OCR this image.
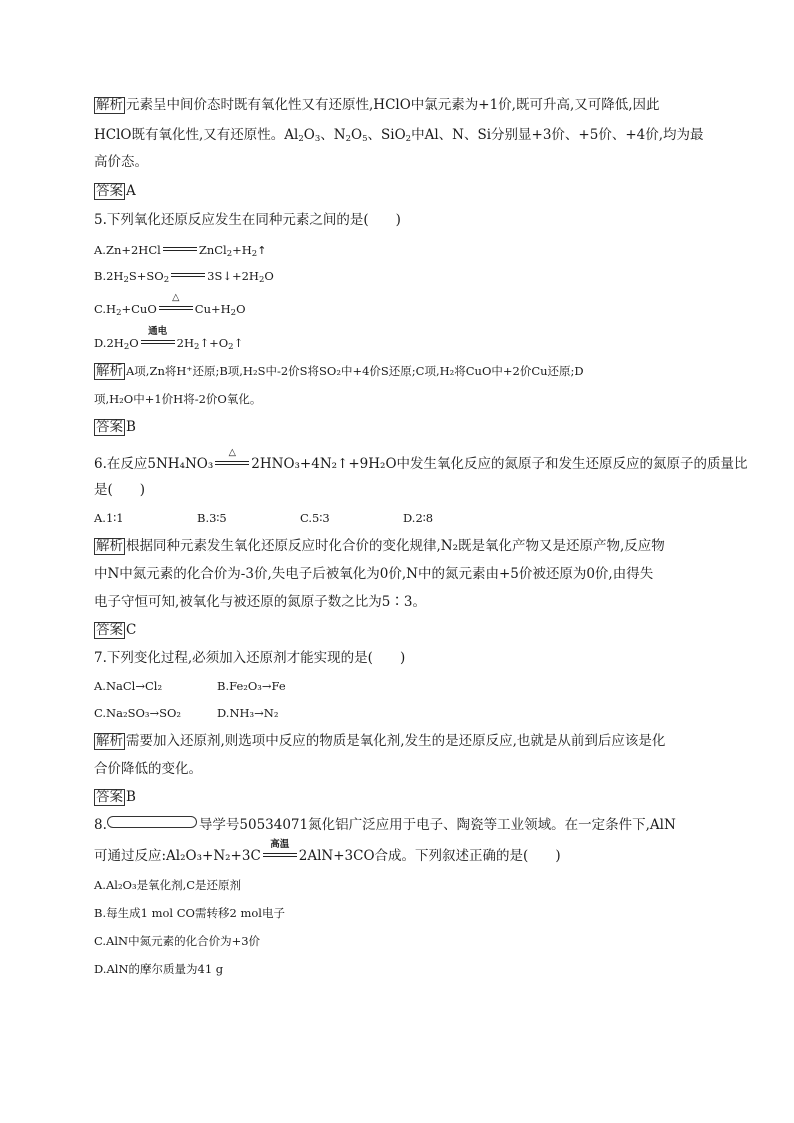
解析 元素呈中间价态时既有氧化性又有还原性,HClO中氯元素为+1价,既可升高,又可降低,因此
HClO既有氧化性,又有还原性。$Al_2O_3$、$N_2O_5$、SiO$_2$中Al、N、Si分别显+3价、+5价、+4价,均为最
高价态。
答案 A
5.下列氧化还原反应发生在同种元素之间的是(　　)
A.Zn+2HCl	$ZnCl_2+H_2↑$
$B.2H_2S+SO_2$	$3S↓+2H_2O$
$C.H_2+CuO$
△
$Cu+H_2O$
$D.2H_2O$
通电
$2H_2↑+O_2↑$
解析 A项,Zn将H⁺还原;B项,H₂S中-2价S将SO₂中+4价S还原;C项,H₂将CuO中+2价Cu还原;D
项,H₂O中+1价H将-2价O氧化。
答案 B
6.在反应5NH₄NO₃
△
2HNO₃+4N₂↑+9H₂O中发生氧化反应的氮原子和发生还原反应的氮原子的质量比
是(　　)
A.1∶1	B.3∶5	C.5∶3	D.2∶8
解析 根据同种元素发生氧化还原反应时化合价的变化规律,N₂既是氧化产物又是还原产物,反应物
中N中氮元素的化合价为-3价,失电子后被氧化为0价,N中的氮元素由+5价被还原为0价,由得失
电子守恒可知,被氧化与被还原的氮原子数之比为5∶3。
答案 C
7.下列变化过程,必须加入还原剂才能实现的是(　　)
A.NaCl→Cl₂	B.Fe₂O₃→Fe
C.Na₂SO₃→SO₂	D.NH₃→N₂
解析 需要加入还原剂,则选项中反应的物质是氧化剂,发生的是还原反应,也就是从前到后应该是化
合价降低的变化。
答案 B
8.	导学号50534071氮化铝广泛应用于电子、陶瓷等工业领域。在一定条件下,AlN
可通过反应:Al₂O₃+N₂+3C
高温
2AlN+3CO合成。下列叙述正确的是(　　)
A.Al₂O₃是氧化剂,C是还原剂
B.每生成1 mol CO需转移2 mol电子
C.AlN中氮元素的化合价为+3价
D.AlN的摩尔质量为41 g
